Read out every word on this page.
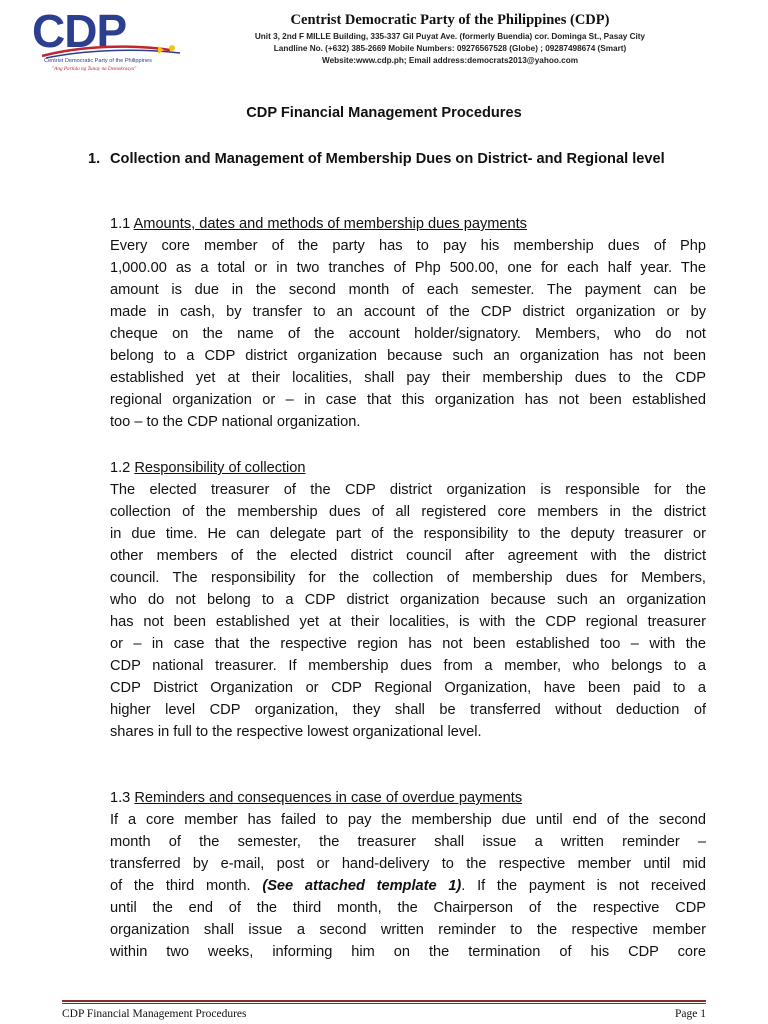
CDP
Centrist Democratic Party of the Philippines
"Ang Partido ng Tunay na Demokrasya"
Centrist Democratic Party of the Philippines (CDP)
Unit 3, 2nd F MILLE Building, 335-337 Gil Puyat Ave. (formerly Buendia) cor. Dominga St., Pasay City
Landline No. (+632) 385-2669 Mobile Numbers: 09276567528 (Globe) ; 09287498674 (Smart)
Website:www.cdp.ph; Email address:democrats2013@yahoo.com
CDP Financial Management Procedures
1. Collection and Management of Membership Dues on District- and Regional level
1.1 Amounts, dates and methods of membership dues payments
Every core member of the party has to pay his membership dues of Php
1,000.00 as a total or in two tranches of Php 500.00, one for each half year. The
amount is due in the second month of each semester. The payment can be
made in cash, by transfer to an account of the CDP district organization or by
cheque on the name of the account holder/signatory. Members, who do not
belong to a CDP district organization because such an organization has not been
established yet at their localities, shall pay their membership dues to the CDP
regional organization or – in case that this organization has not been established
too – to the CDP national organization.
1.2 Responsibility of collection
The elected treasurer of the CDP district organization is responsible for the
collection of the membership dues of all registered core members in the district
in due time. He can delegate part of the responsibility to the deputy treasurer or
other members of the elected district council after agreement with the district
council. The responsibility for the collection of membership dues for Members,
who do not belong to a CDP district organization because such an organization
has not been established yet at their localities, is with the CDP regional treasurer
or – in case that the respective region has not been established too – with the
CDP national treasurer. If membership dues from a member, who belongs to a
CDP District Organization or CDP Regional Organization, have been paid to a
higher level CDP organization, they shall be transferred without deduction of
shares in full to the respective lowest organizational level.
1.3 Reminders and consequences in case of overdue payments
If a core member has failed to pay the membership due until end of the second
month of the semester, the treasurer shall issue a written reminder –
transferred by e-mail, post or hand-delivery to the respective member until mid
of the third month. (See attached template 1). If the payment is not received
until the end of the third month, the Chairperson of the respective CDP
organization shall issue a second written reminder to the respective member
within two weeks, informing him on the termination of his CDP core
CDP Financial Management Procedures	Page 1
